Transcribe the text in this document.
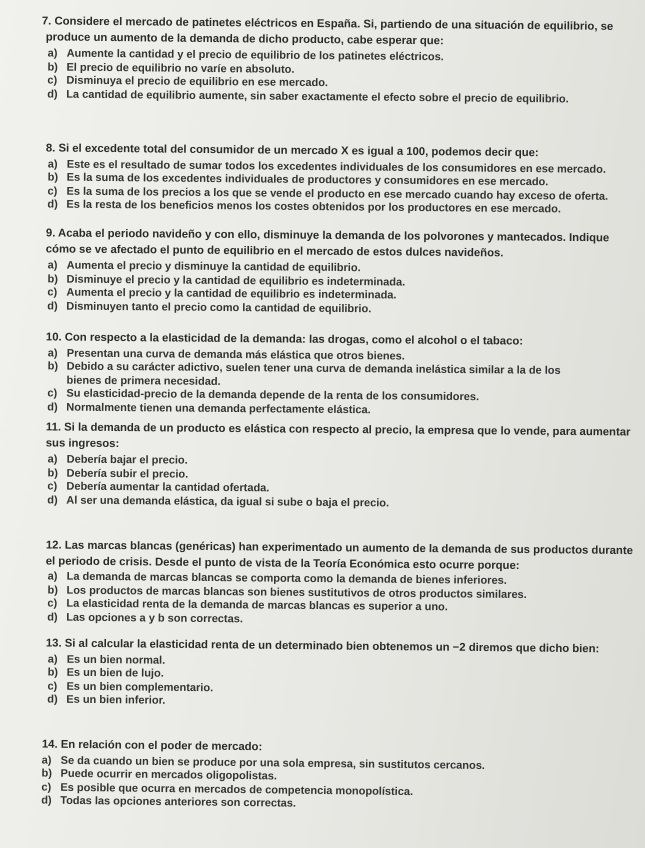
7. Considere el mercado de patinetes eléctricos en España. Si, partiendo de una situación de equilibrio, se produce un aumento de la demanda de dicho producto, cabe esperar que:

a) Aumente la cantidad y el precio de equilibrio de los patinetes eléctricos.
b) El precio de equilibrio no varíe en absoluto.
c) Disminuya el precio de equilibrio en ese mercado.
d) La cantidad de equilibrio aumente, sin saber exactamente el efecto sobre el precio de equilibrio.

8. Si el excedente total del consumidor de un mercado X es igual a 100, podemos decir que:

a) Este es el resultado de sumar todos los excedentes individuales de los consumidores en ese mercado.
b) Es la suma de los excedentes individuales de productores y consumidores en ese mercado.
c) Es la suma de los precios a los que se vende el producto en ese mercado cuando hay exceso de oferta.
d) Es la resta de los beneficios menos los costes obtenidos por los productores en ese mercado.

9. Acaba el periodo navideño y con ello, disminuye la demanda de los polvorones y mantecados. Indique cómo se ve afectado el punto de equilibrio en el mercado de estos dulces navideños.

a) Aumenta el precio y disminuye la cantidad de equilibrio.
b) Disminuye el precio y la cantidad de equilibrio es indeterminada.
c) Aumenta el precio y la cantidad de equilibrio es indeterminada.
d) Disminuyen tanto el precio como la cantidad de equilibrio.

10. Con respecto a la elasticidad de la demanda: las drogas, como el alcohol o el tabaco:

a) Presentan una curva de demanda más elástica que otros bienes.
b) Debido a su carácter adictivo, suelen tener una curva de demanda inelástica similar a la de los bienes de primera necesidad.
c) Su elasticidad-precio de la demanda depende de la renta de los consumidores.
d) Normalmente tienen una demanda perfectamente elástica.

11. Si la demanda de un producto es elástica con respecto al precio, la empresa que lo vende, para aumentar sus ingresos:

a) Debería bajar el precio.
b) Debería subir el precio.
c) Debería aumentar la cantidad ofertada.
d) Al ser una demanda elástica, da igual si sube o baja el precio.

12. Las marcas blancas (genéricas) han experimentado un aumento de la demanda de sus productos durante el periodo de crisis. Desde el punto de vista de la Teoría Económica esto ocurre porque:

a) La demanda de marcas blancas se comporta como la demanda de bienes inferiores.
b) Los productos de marcas blancas son bienes sustitutivos de otros productos similares.
c) La elasticidad renta de la demanda de marcas blancas es superior a uno.
d) Las opciones a y b son correctas.

13. Si al calcular la elasticidad renta de un determinado bien obtenemos un −2 diremos que dicho bien:

a) Es un bien normal.
b) Es un bien de lujo.
c) Es un bien complementario.
d) Es un bien inferior.

14. En relación con el poder de mercado:

a) Se da cuando un bien se produce por una sola empresa, sin sustitutos cercanos.
b) Puede ocurrir en mercados oligopolistas.
c) Es posible que ocurra en mercados de competencia monopolística.
d) Todas las opciones anteriores son correctas.
